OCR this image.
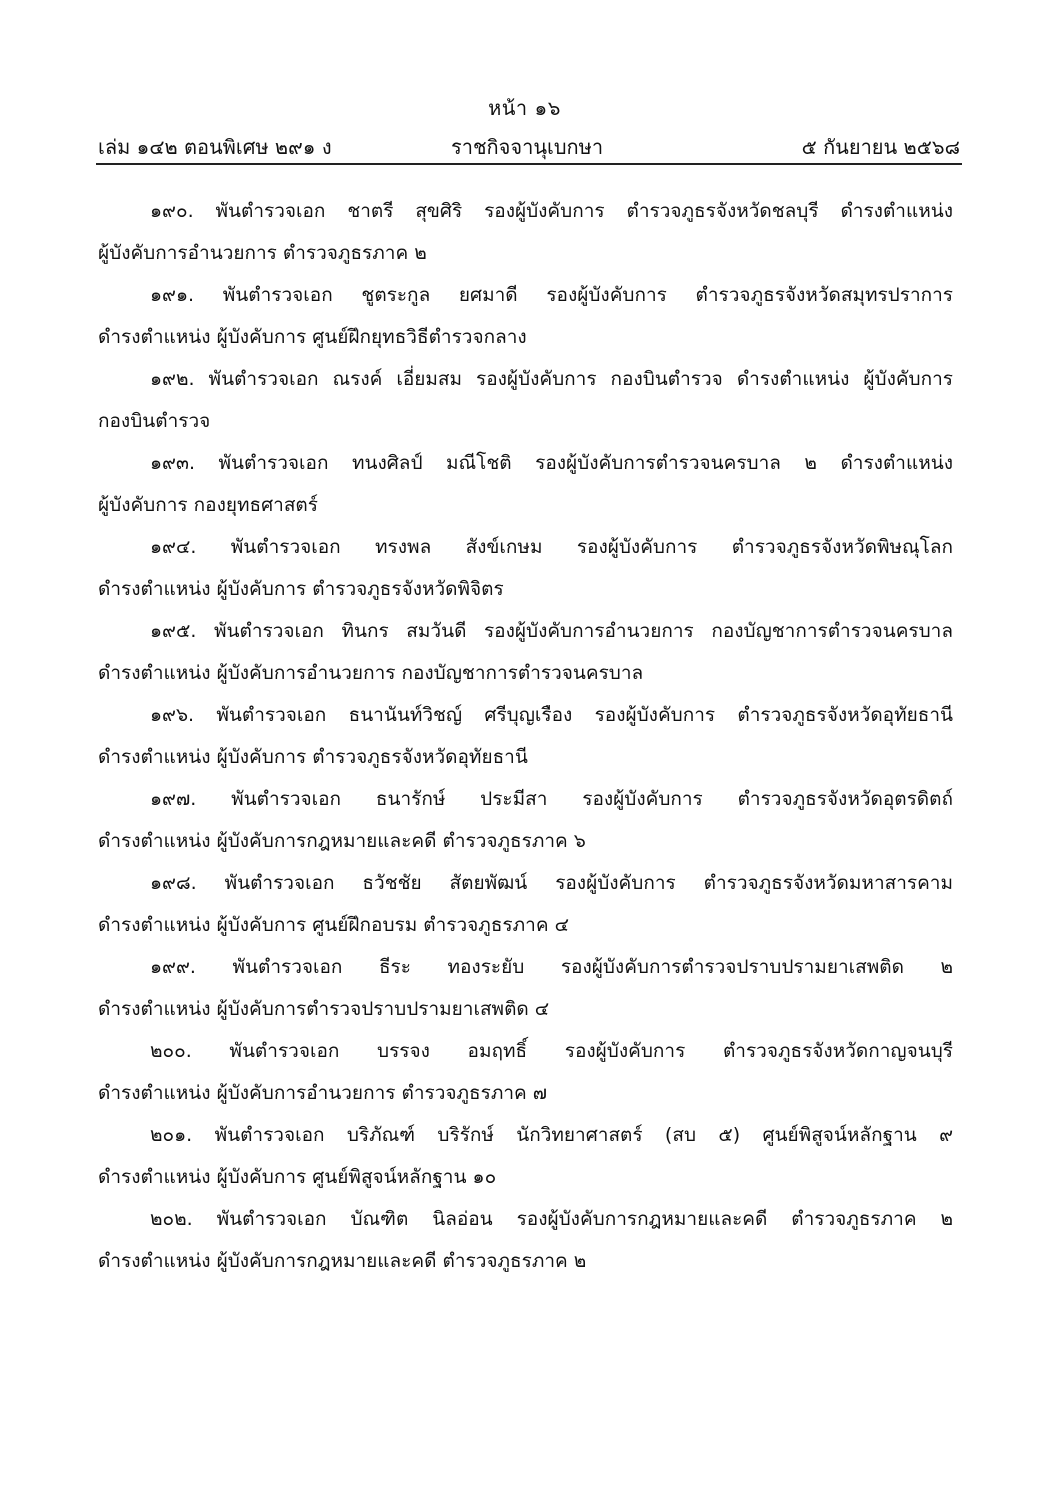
หน้า ๑๖
เล่ม ๑๔๒ ตอนพิเศษ ๒๙๑ ง	ราชกิจจานุเบกษา	๕ กันยายน ๒๕๖๘
๑๙๐. พันตำรวจเอก ชาตรี สุขศิริ รองผู้บังคับการ ตำรวจภูธรจังหวัดชลบุรี ดำรงตำแหน่ง
ผู้บังคับการอำนวยการ ตำรวจภูธรภาค ๒
๑๙๑. พันตำรวจเอก ชูตระกูล ยศมาดี รองผู้บังคับการ ตำรวจภูธรจังหวัดสมุทรปราการ
ดำรงตำแหน่ง ผู้บังคับการ ศูนย์ฝึกยุทธวิธีตำรวจกลาง
๑๙๒. พันตำรวจเอก ณรงค์ เอี่ยมสม รองผู้บังคับการ กองบินตำรวจ ดำรงตำแหน่ง ผู้บังคับการ
กองบินตำรวจ
๑๙๓. พันตำรวจเอก ทนงศิลป์ มณีโชติ รองผู้บังคับการตำรวจนครบาล ๒ ดำรงตำแหน่ง
ผู้บังคับการ กองยุทธศาสตร์
๑๙๔. พันตำรวจเอก ทรงพล สังข์เกษม รองผู้บังคับการ ตำรวจภูธรจังหวัดพิษณุโลก
ดำรงตำแหน่ง ผู้บังคับการ ตำรวจภูธรจังหวัดพิจิตร
๑๙๕. พันตำรวจเอก ทินกร สมวันดี รองผู้บังคับการอำนวยการ กองบัญชาการตำรวจนครบาล
ดำรงตำแหน่ง ผู้บังคับการอำนวยการ กองบัญชาการตำรวจนครบาล
๑๙๖. พันตำรวจเอก ธนานันท์วิชญ์ ศรีบุญเรือง รองผู้บังคับการ ตำรวจภูธรจังหวัดอุทัยธานี
ดำรงตำแหน่ง ผู้บังคับการ ตำรวจภูธรจังหวัดอุทัยธานี
๑๙๗. พันตำรวจเอก ธนารักษ์ ประมีสา รองผู้บังคับการ ตำรวจภูธรจังหวัดอุตรดิตถ์
ดำรงตำแหน่ง ผู้บังคับการกฎหมายและคดี ตำรวจภูธรภาค ๖
๑๙๘. พันตำรวจเอก ธวัชชัย สัตยพัฒน์ รองผู้บังคับการ ตำรวจภูธรจังหวัดมหาสารคาม
ดำรงตำแหน่ง ผู้บังคับการ ศูนย์ฝึกอบรม ตำรวจภูธรภาค ๔
๑๙๙. พันตำรวจเอก ธีระ ทองระยับ รองผู้บังคับการตำรวจปราบปรามยาเสพติด ๒
ดำรงตำแหน่ง ผู้บังคับการตำรวจปราบปรามยาเสพติด ๔
๒๐๐. พันตำรวจเอก บรรจง อมฤทธิ์ รองผู้บังคับการ ตำรวจภูธรจังหวัดกาญจนบุรี
ดำรงตำแหน่ง ผู้บังคับการอำนวยการ ตำรวจภูธรภาค ๗
๒๐๑. พันตำรวจเอก บริภัณฑ์ บริรักษ์ นักวิทยาศาสตร์ (สบ ๕) ศูนย์พิสูจน์หลักฐาน ๙
ดำรงตำแหน่ง ผู้บังคับการ ศูนย์พิสูจน์หลักฐาน ๑๐
๒๐๒. พันตำรวจเอก บัณฑิต นิลอ่อน รองผู้บังคับการกฎหมายและคดี ตำรวจภูธรภาค ๒
ดำรงตำแหน่ง ผู้บังคับการกฎหมายและคดี ตำรวจภูธรภาค ๒
